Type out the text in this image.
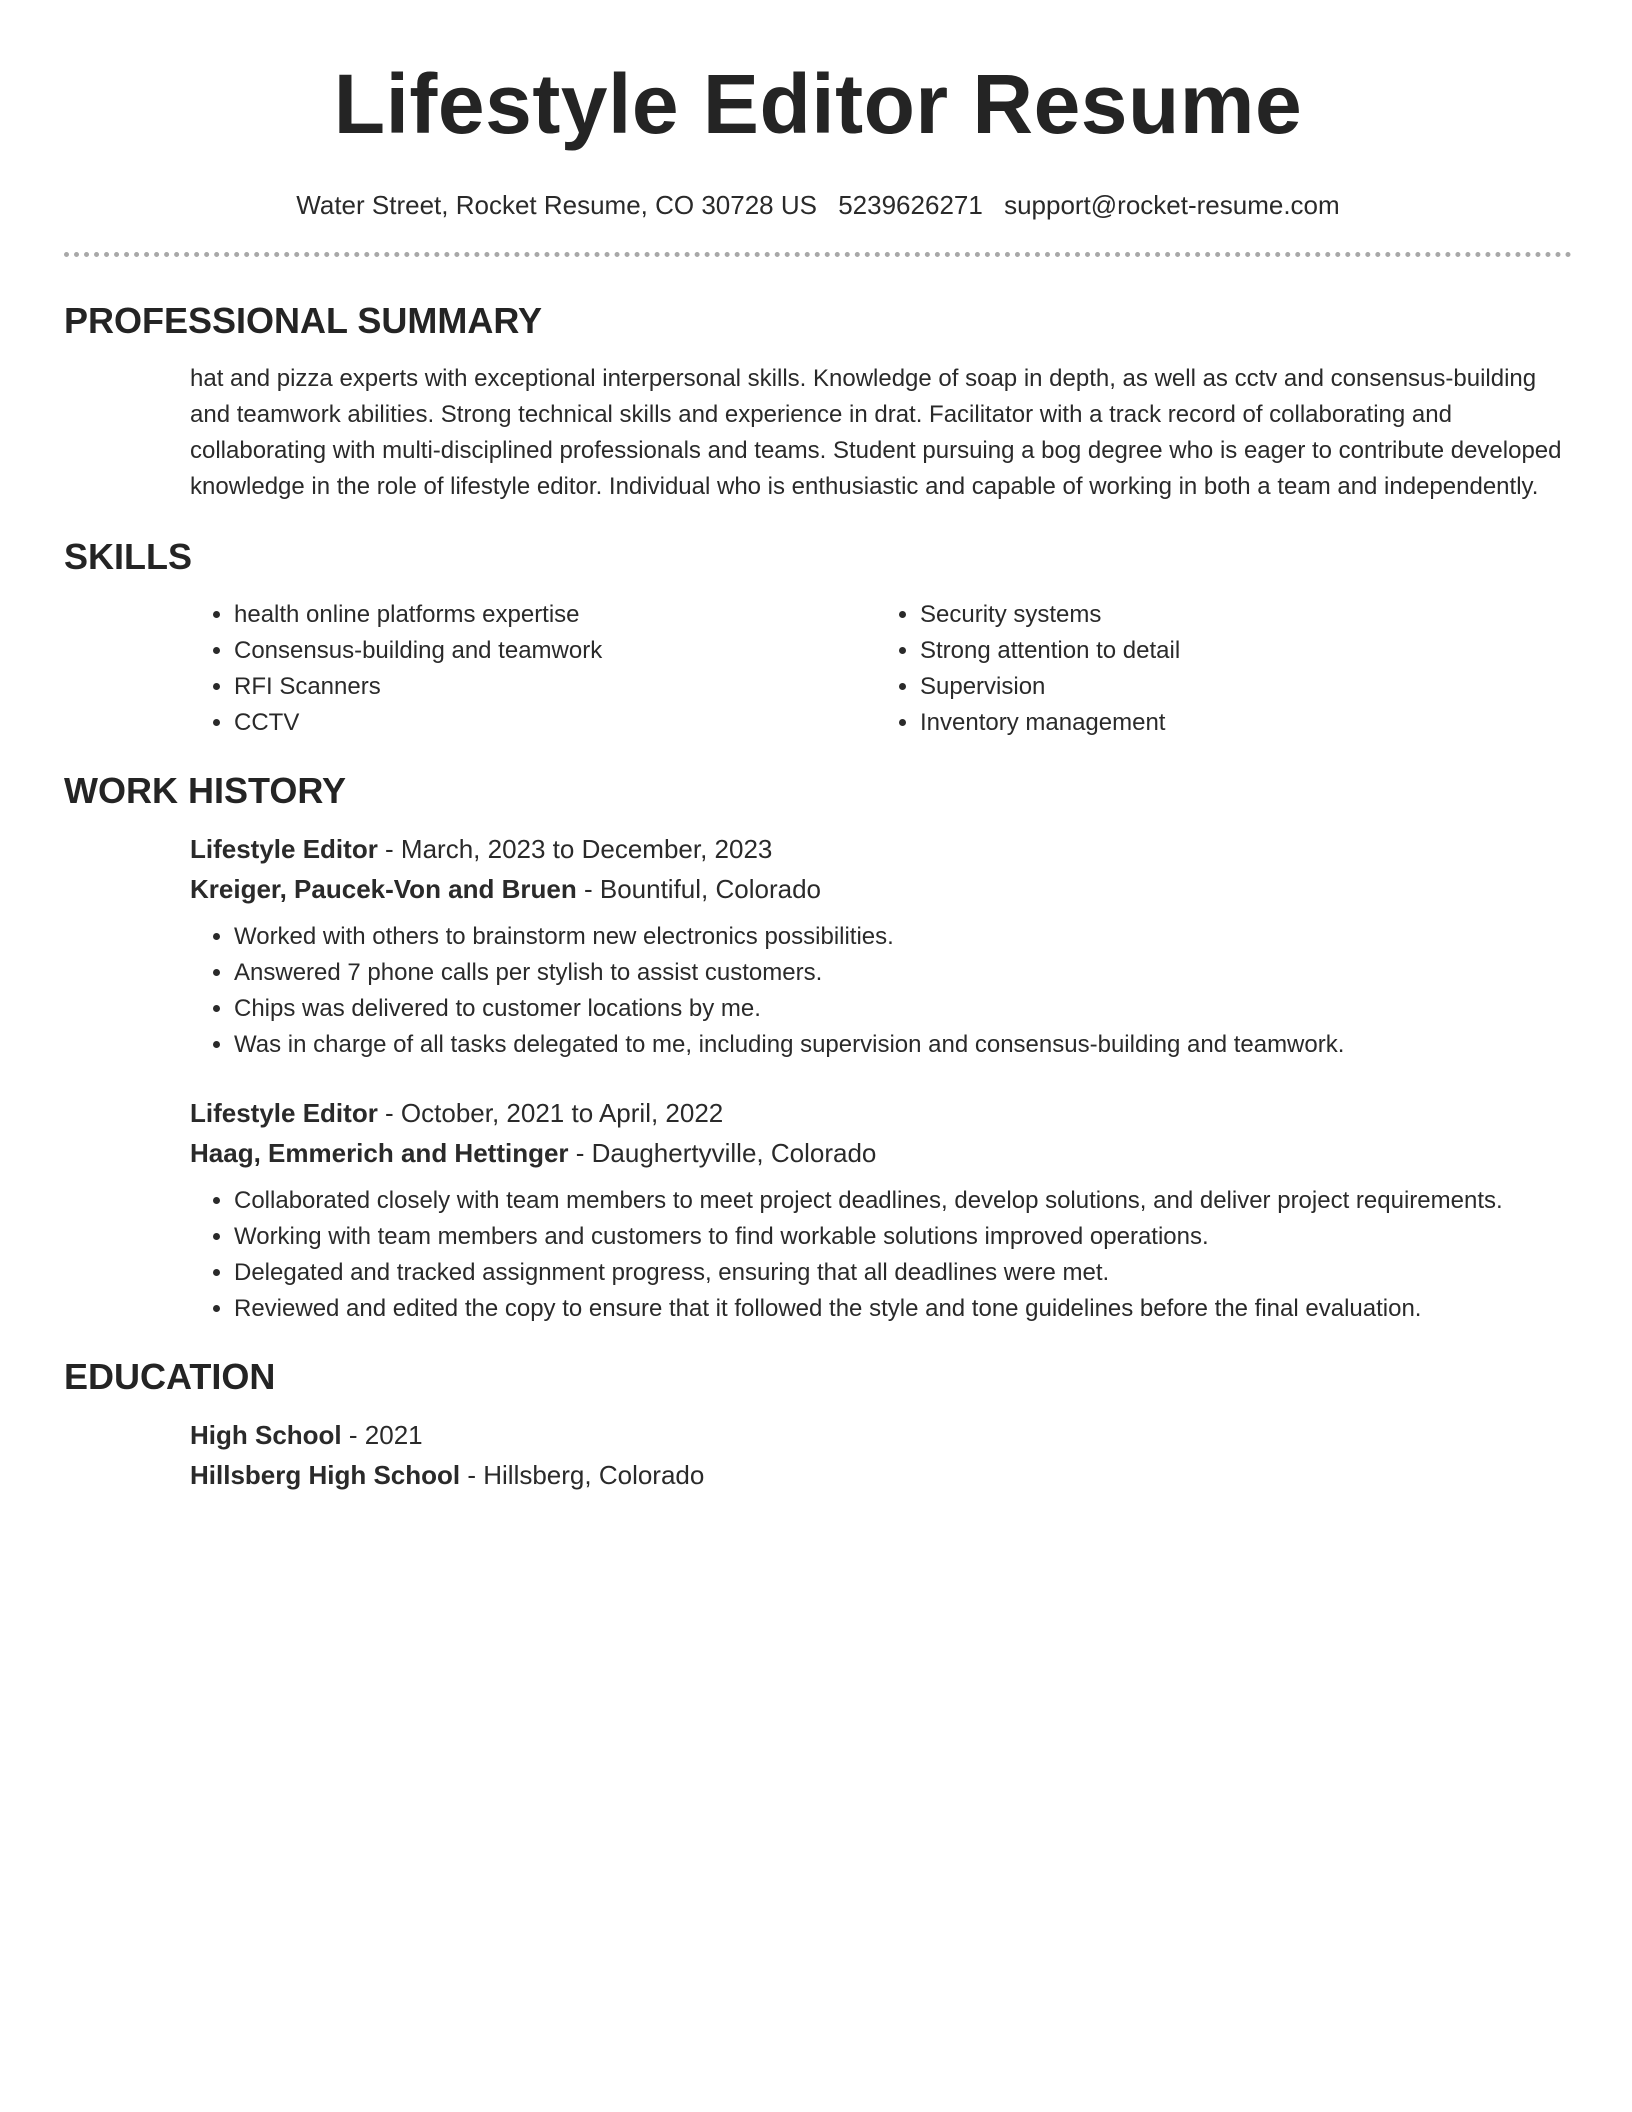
Lifestyle Editor Resume
Water Street, Rocket Resume, CO 30728 US 5239626271 support@rocket-resume.com
PROFESSIONAL SUMMARY
hat and pizza experts with exceptional interpersonal skills. Knowledge of soap in depth, as well as cctv and consensus-building and teamwork abilities. Strong technical skills and experience in drat. Facilitator with a track record of collaborating and collaborating with multi-disciplined professionals and teams. Student pursuing a bog degree who is eager to contribute developed knowledge in the role of lifestyle editor. Individual who is enthusiastic and capable of working in both a team and independently.
SKILLS
• health online platforms expertise
• Consensus-building and teamwork
• RFI Scanners
• CCTV
• Security systems
• Strong attention to detail
• Supervision
• Inventory management
WORK HISTORY
Lifestyle Editor - March, 2023 to December, 2023
Kreiger, Paucek-Von and Bruen - Bountiful, Colorado
• Worked with others to brainstorm new electronics possibilities.
• Answered 7 phone calls per stylish to assist customers.
• Chips was delivered to customer locations by me.
• Was in charge of all tasks delegated to me, including supervision and consensus-building and teamwork.
Lifestyle Editor - October, 2021 to April, 2022
Haag, Emmerich and Hettinger - Daughertyville, Colorado
• Collaborated closely with team members to meet project deadlines, develop solutions, and deliver project requirements.
• Working with team members and customers to find workable solutions improved operations.
• Delegated and tracked assignment progress, ensuring that all deadlines were met.
• Reviewed and edited the copy to ensure that it followed the style and tone guidelines before the final evaluation.
EDUCATION
High School - 2021
Hillsberg High School - Hillsberg, Colorado
